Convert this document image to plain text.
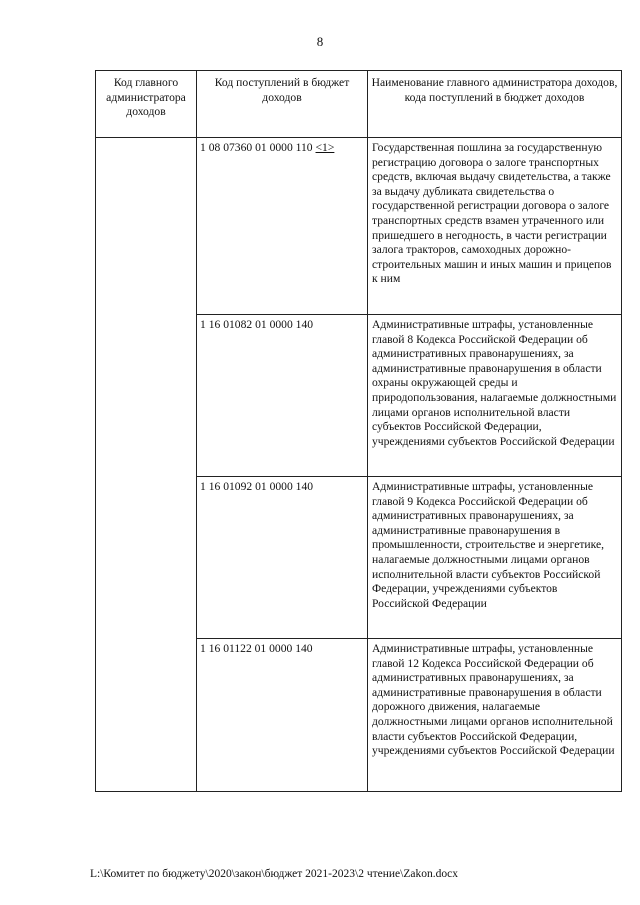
8
Код главного администратора доходов	Код поступлений в бюджет доходов	Наименование главного администратора доходов, кода поступлений в бюджет доходов
	1 08 07360 01 0000 110 <1>	Государственная пошлина за государственную регистрацию договора о залоге транспортных средств, включая выдачу свидетельства, а также за выдачу дубликата свидетельства о государственной регистрации договора о залоге транспортных средств взамен утраченного или пришедшего в негодность, в части регистрации залога тракторов, самоходных дорожно-строительных машин и иных машин и прицепов к ним
	1 16 01082 01 0000 140	Административные штрафы, установленные главой 8 Кодекса Российской Федерации об административных правонарушениях, за административные правонарушения в области охраны окружающей среды и природопользования, налагаемые должностными лицами органов исполнительной власти субъектов Российской Федерации, учреждениями субъектов Российской Федерации
	1 16 01092 01 0000 140	Административные штрафы, установленные главой 9 Кодекса Российской Федерации об административных правонарушениях, за административные правонарушения в промышленности, строительстве и энергетике, налагаемые должностными лицами органов исполнительной власти субъектов Российской Федерации, учреждениями субъектов Российской Федерации
	1 16 01122 01 0000 140	Административные штрафы, установленные главой 12 Кодекса Российской Федерации об административных правонарушениях, за административные правонарушения в области дорожного движения, налагаемые должностными лицами органов исполнительной власти субъектов Российской Федерации, учреждениями субъектов Российской Федерации
L:\Комитет по бюджету\2020\закон\бюджет 2021-2023\2 чтение\Zakon.docx
